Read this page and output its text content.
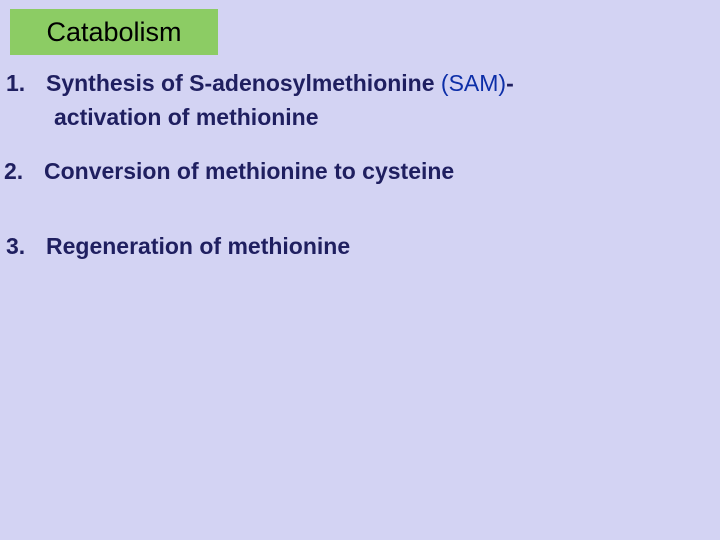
Catabolism
1. Synthesis of S-adenosylmethionine (SAM)-
activation of methionine
2. Conversion of methionine to cysteine
3. Regeneration of methionine
